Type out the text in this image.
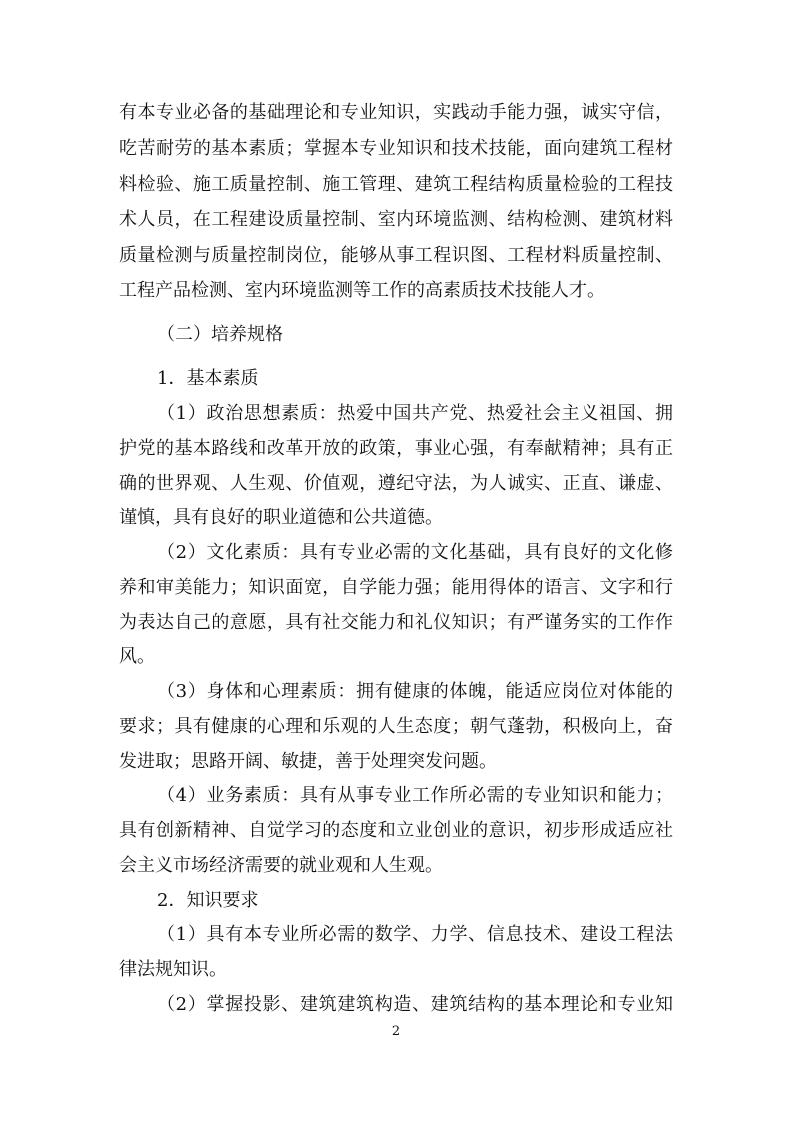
有本专业必备的基础理论和专业知识，实践动手能力强，诚实守信，
吃苦耐劳的基本素质；掌握本专业知识和技术技能，面向建筑工程材
料检验、施工质量控制、施工管理、建筑工程结构质量检验的工程技
术人员，在工程建设质量控制、室内环境监测、结构检测、建筑材料
质量检测与质量控制岗位，能够从事工程识图、工程材料质量控制、
工程产品检测、室内环境监测等工作的高素质技术技能人才。
（二）培养规格
1．基本素质
（1）政治思想素质：热爱中国共产党、热爱社会主义祖国、拥
护党的基本路线和改革开放的政策，事业心强，有奉献精神；具有正
确的世界观、人生观、价值观，遵纪守法，为人诚实、正直、谦虚、
谨慎，具有良好的职业道德和公共道德。
（2）文化素质：具有专业必需的文化基础，具有良好的文化修
养和审美能力；知识面宽，自学能力强；能用得体的语言、文字和行
为表达自己的意愿，具有社交能力和礼仪知识；有严谨务实的工作作
风。
（3）身体和心理素质：拥有健康的体魄，能适应岗位对体能的
要求；具有健康的心理和乐观的人生态度；朝气蓬勃，积极向上，奋
发进取；思路开阔、敏捷，善于处理突发问题。
（4）业务素质：具有从事专业工作所必需的专业知识和能力；
具有创新精神、自觉学习的态度和立业创业的意识，初步形成适应社
会主义市场经济需要的就业观和人生观。
2．知识要求
（1）具有本专业所必需的数学、力学、信息技术、建设工程法
律法规知识。
（2）掌握投影、建筑建筑构造、建筑结构的基本理论和专业知
2
